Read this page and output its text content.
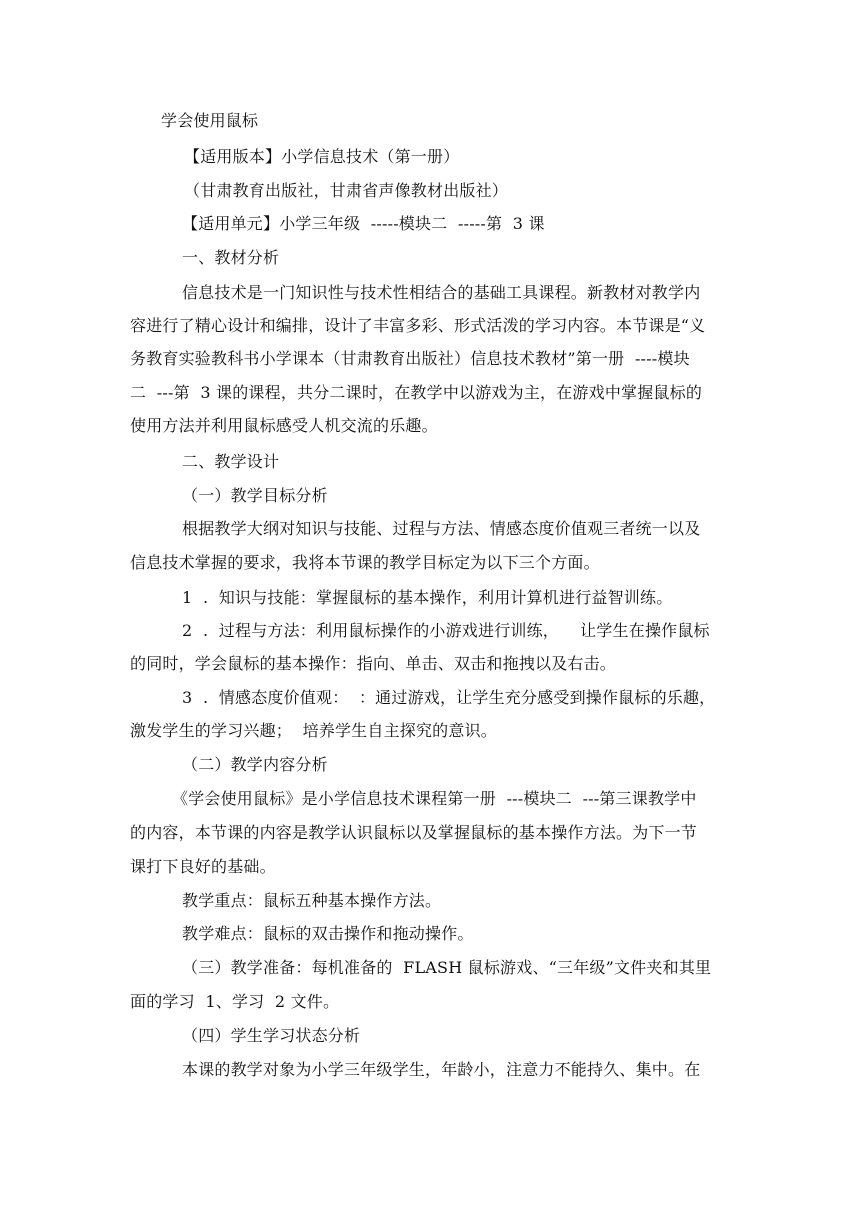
学会使用鼠标
【适用版本】小学信息技术（第一册）
（甘肃教育出版社，甘肃省声像教材出版社）
【适用单元】小学三年级  -----模块二  -----第  3 课
一、教材分析
信息技术是一门知识性与技术性相结合的基础工具课程。新教材对教学内
容进行了精心设计和编排，设计了丰富多彩、形式活泼的学习内容。本节课是“义
务教育实验教科书小学课本（甘肃教育出版社）信息技术教材”第一册  ----模块
二  ---第  3 课的课程，共分二课时，在教学中以游戏为主，在游戏中掌握鼠标的
使用方法并利用鼠标感受人机交流的乐趣。
二、教学设计
（一）教学目标分析
根据教学大纲对知识与技能、过程与方法、情感态度价值观三者统一以及
信息技术掌握的要求，我将本节课的教学目标定为以下三个方面。
1  .  知识与技能：掌握鼠标的基本操作，利用计算机进行益智训练。
2  .  过程与方法：利用鼠标操作的小游戏进行训练，    让学生在操作鼠标
的同时，学会鼠标的基本操作：指向、单击、双击和拖拽以及右击。
3  .  情感态度价值观：  ：通过游戏，让学生充分感受到操作鼠标的乐趣，
激发学生的学习兴趣；  培养学生自主探究的意识。
（二）教学内容分析
《学会使用鼠标》是小学信息技术课程第一册  ---模块二  ---第三课教学中
的内容，本节课的内容是教学认识鼠标以及掌握鼠标的基本操作方法。为下一节
课打下良好的基础。
教学重点：鼠标五种基本操作方法。
教学难点：鼠标的双击操作和拖动操作。
（三）教学准备：每机准备的  FLASH 鼠标游戏、“三年级”文件夹和其里
面的学习  1、学习  2 文件。
（四）学生学习状态分析
本课的教学对象为小学三年级学生，年龄小，注意力不能持久、集中。在
